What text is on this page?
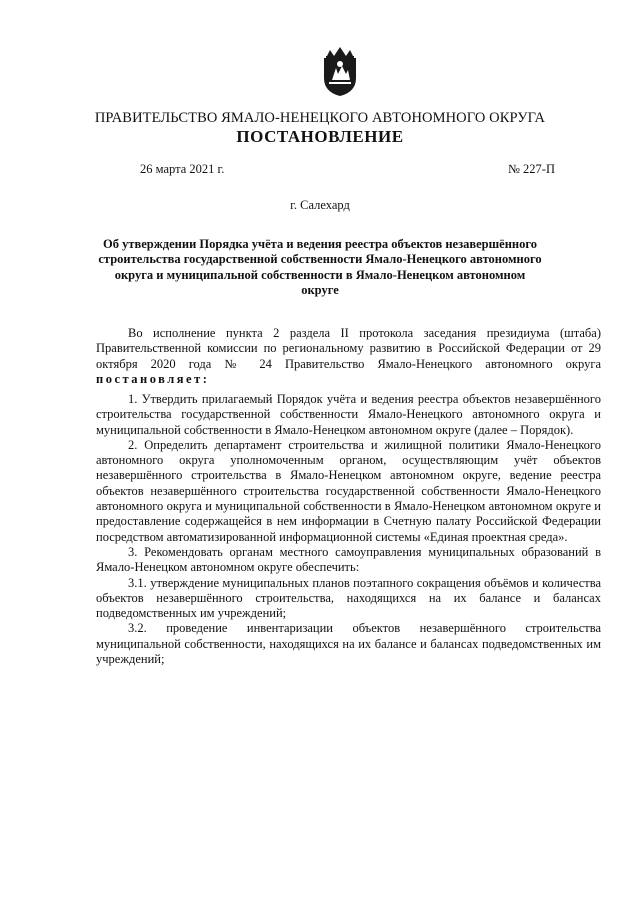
ПРАВИТЕЛЬСТВО ЯМАЛО-НЕНЕЦКОГО АВТОНОМНОГО ОКРУГА
ПОСТАНОВЛЕНИЕ
26 марта 2021 г.	№ 227-П
г. Салехард
Об утверждении Порядка учёта и ведения реестра объектов незавершённого строительства государственной собственности Ямало-Ненецкого автономного округа и муниципальной собственности в Ямало-Ненецком автономном округе

Во исполнение пункта 2 раздела II протокола заседания президиума (штаба) Правительственной комиссии по региональному развитию в Российской Федерации от 29 октября 2020 года № 24 Правительство Ямало-Ненецкого автономного округа постановляет:

1. Утвердить прилагаемый Порядок учёта и ведения реестра объектов незавершённого строительства государственной собственности Ямало-Ненецкого автономного округа и муниципальной собственности в Ямало-Ненецком автономном округе (далее – Порядок).

2. Определить департамент строительства и жилищной политики Ямало-Ненецкого автономного округа уполномоченным органом, осуществляющим учёт объектов незавершённого строительства в Ямало-Ненецком автономном округе, ведение реестра объектов незавершённого строительства государственной собственности Ямало-Ненецкого автономного округа и муниципальной собственности в Ямало-Ненецком автономном округе и предоставление содержащейся в нем информации в Счетную палату Российской Федерации посредством автоматизированной информационной системы «Единая проектная среда».

3. Рекомендовать органам местного самоуправления муниципальных образований в Ямало-Ненецком автономном округе обеспечить:

3.1. утверждение муниципальных планов поэтапного сокращения объёмов и количества объектов незавершённого строительства, находящихся на их балансе и балансах подведомственных им учреждений;

3.2. проведение инвентаризации объектов незавершённого строительства муниципальной собственности, находящихся на их балансе и балансах подведомственных им учреждений;
